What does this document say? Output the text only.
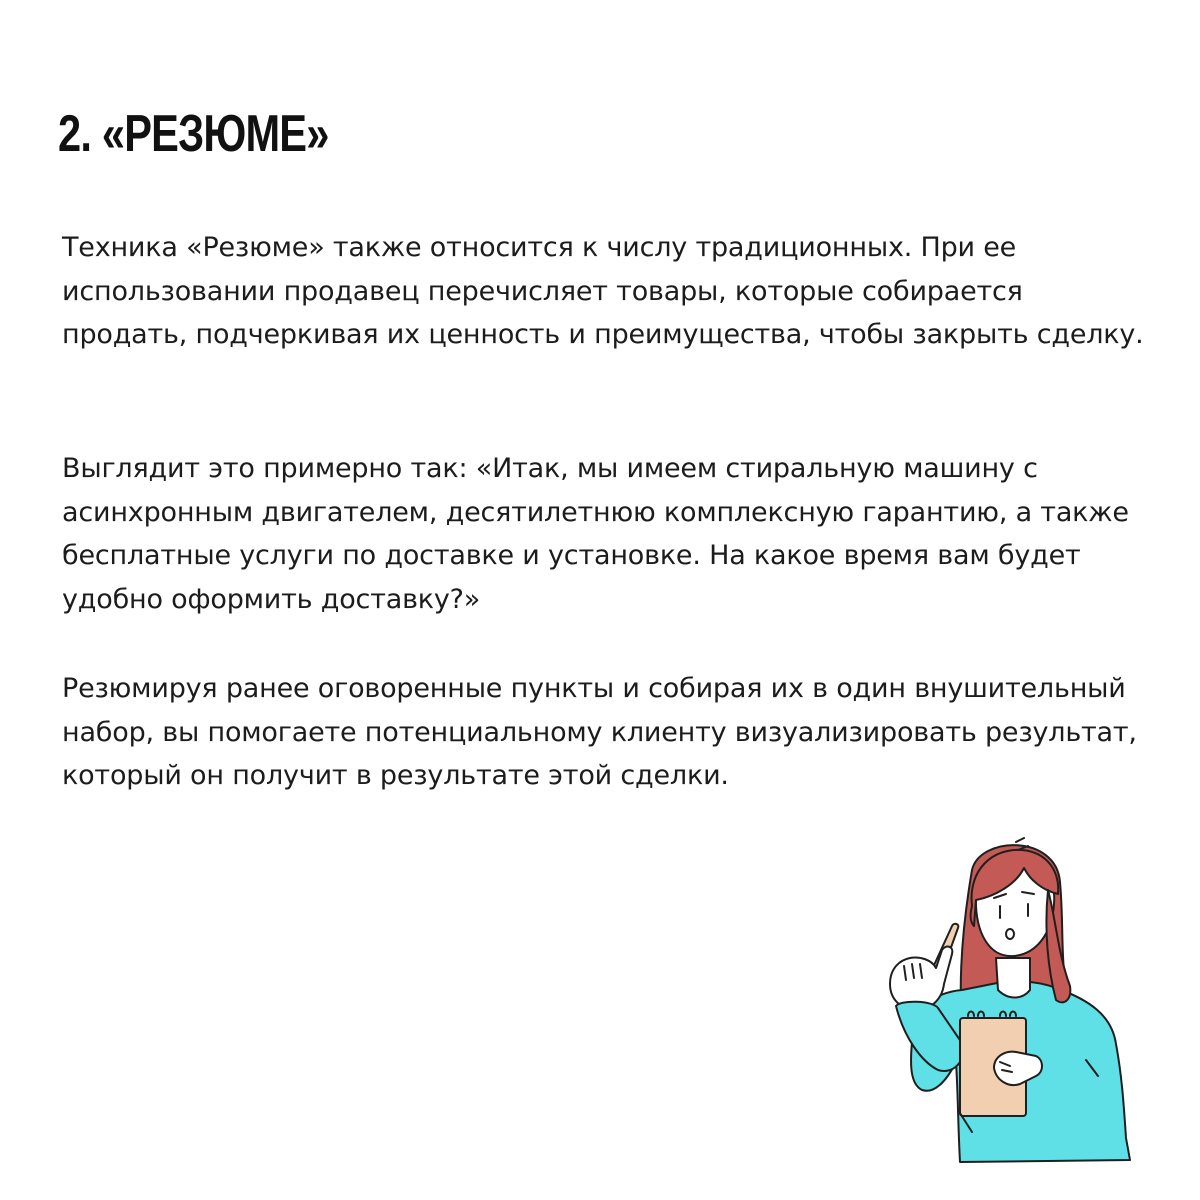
2. «РЕЗЮМЕ»

Техника «Резюме» также относится к числу традиционных. При ее использовании продавец перечисляет товары, которые собирается продать, подчеркивая их ценность и преимущества, чтобы закрыть сделку.

Выглядит это примерно так: «Итак, мы имеем стиральную машину с асинхронным двигателем, десятилетнюю комплексную гарантию, а также бесплатные услуги по доставке и установке. На какое время вам будет удобно оформить доставку?»

Резюмируя ранее оговоренные пункты и собирая их в один внушительный набор, вы помогаете потенциальному клиенту визуализировать результат, который он получит в результате этой сделки.
